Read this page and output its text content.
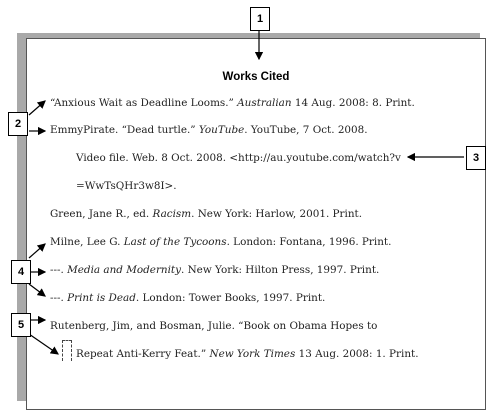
Works Cited
“Anxious Wait as Deadline Looms.” Australian 14 Aug. 2008: 8. Print.
EmmyPirate. “Dead turtle.” YouTube. YouTube, 7 Oct. 2008.
Video file. Web. 8 Oct. 2008. <http://au.youtube.com/watch?v
=WwTsQHr3w8I>.
Green, Jane R., ed. Racism. New York: Harlow, 2001. Print.
Milne, Lee G. Last of the Tycoons. London: Fontana, 1996. Print.
---. Media and Modernity. New York: Hilton Press, 1997. Print.
---. Print is Dead. London: Tower Books, 1997. Print.
Rutenberg, Jim, and Bosman, Julie. “Book on Obama Hopes to
Repeat Anti-Kerry Feat.” New York Times 13 Aug. 2008: 1. Print.
1
2
3
4
5
